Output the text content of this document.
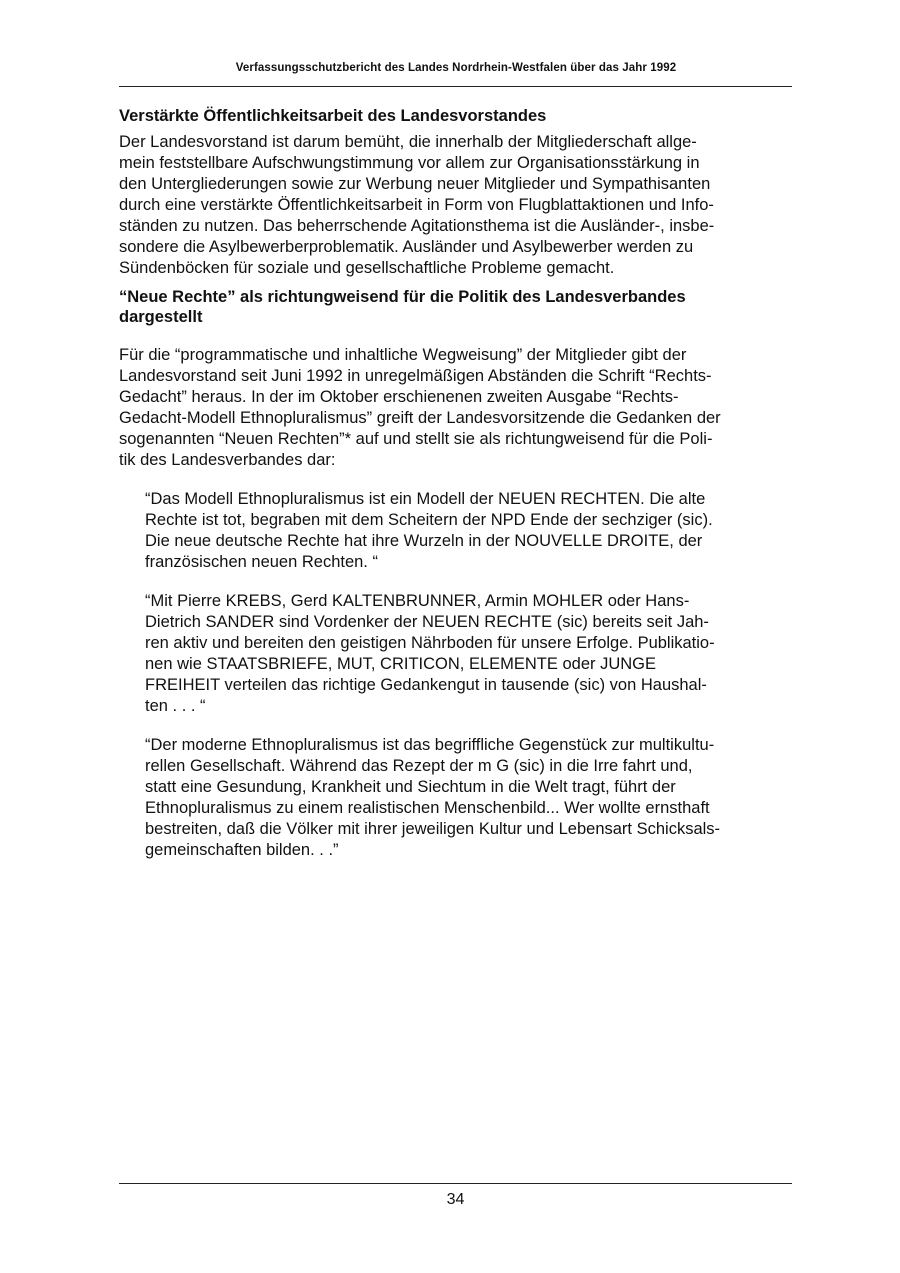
Verfassungsschutzbericht des Landes Nordrhein-Westfalen über das Jahr 1992
Verstärkte Öffentlichkeitsarbeit des Landesvorstandes

Der Landesvorstand ist darum bemüht, die innerhalb der Mitgliederschaft allge-
mein feststellbare Aufschwungstimmung vor allem zur Organisationsstärkung in
den Untergliederungen sowie zur Werbung neuer Mitglieder und Sympathisanten
durch eine verstärkte Öffentlichkeitsarbeit in Form von Flugblattaktionen und Info-
ständen zu nutzen. Das beherrschende Agitationsthema ist die Ausländer-, insbe-
sondere die Asylbewerberproblematik. Ausländer und Asylbewerber werden zu
Sündenböcken für soziale und gesellschaftliche Probleme gemacht.

“Neue Rechte” als richtungweisend für die Politik des Landesverbandes
dargestellt

Für die “programmatische und inhaltliche Wegweisung” der Mitglieder gibt der
Landesvorstand seit Juni 1992 in unregelmäßigen Abständen die Schrift “Rechts-
Gedacht” heraus. In der im Oktober erschienenen zweiten Ausgabe “Rechts-
Gedacht-Modell Ethnopluralismus” greift der Landesvorsitzende die Gedanken der
sogenannten “Neuen Rechten”* auf und stellt sie als richtungweisend für die Poli-
tik des Landesverbandes dar:

“Das Modell Ethnopluralismus ist ein Modell der NEUEN RECHTEN. Die alte
Rechte ist tot, begraben mit dem Scheitern der NPD Ende der sechziger (sic).
Die neue deutsche Rechte hat ihre Wurzeln in der NOUVELLE DROITE, der
französischen neuen Rechten. “

“Mit Pierre KREBS, Gerd KALTENBRUNNER, Armin MOHLER oder Hans-
Dietrich SANDER sind Vordenker der NEUEN RECHTE (sic) bereits seit Jah-
ren aktiv und bereiten den geistigen Nährboden für unsere Erfolge. Publikatio-
nen wie STAATSBRIEFE, MUT, CRITICON, ELEMENTE oder JUNGE
FREIHEIT verteilen das richtige Gedankengut in tausende (sic) von Haushal-
ten . . . “

“Der moderne Ethnopluralismus ist das begriffliche Gegenstück zur multikultu-
rellen Gesellschaft. Während das Rezept der m G (sic) in die Irre fahrt und,
statt eine Gesundung, Krankheit und Siechtum in die Welt tragt, führt der
Ethnopluralismus zu einem realistischen Menschenbild... Wer wollte ernsthaft
bestreiten, daß die Völker mit ihrer jeweiligen Kultur und Lebensart Schicksals-
gemeinschaften bilden. . .”

34
